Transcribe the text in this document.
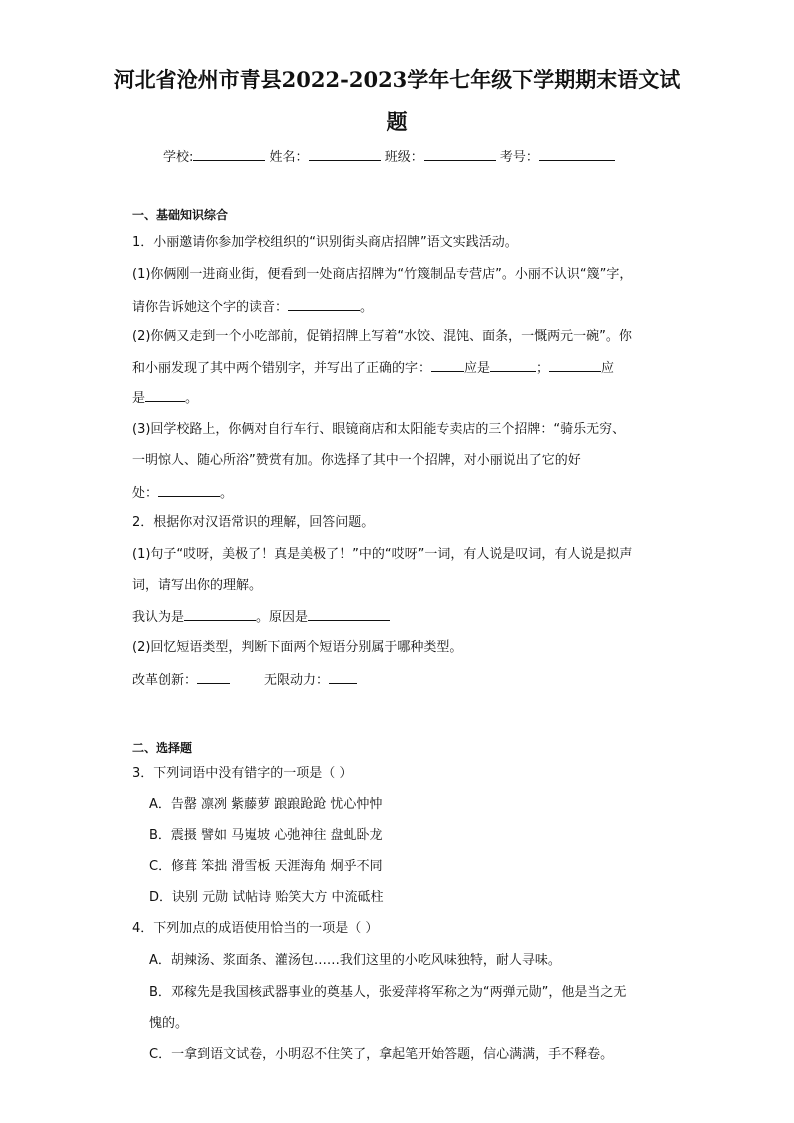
河北省沧州市青县2022-2023学年七年级下学期期末语文试
题
学校:	姓名：	班级：	考号：
一、基础知识综合
1．小丽邀请你参加学校组织的“识别街头商店招牌”语文实践活动。
(1)你俩刚一进商业街，便看到一处商店招牌为“竹篾制品专营店”。小丽不认识“篾”字，
请你告诉她这个字的读音：	。
(2)你俩又走到一个小吃部前，促销招牌上写着“水饺、混饨、面条，一慨两元一碗”。你
和小丽发现了其中两个错别字，并写出了正确的字：	应是	；	应
是	。
(3)回学校路上，你俩对自行车行、眼镜商店和太阳能专卖店的三个招牌：“骑乐无穷、
一明惊人、随心所浴”赞赏有加。你选择了其中一个招牌，对小丽说出了它的好
处：	。
2．根据你对汉语常识的理解，回答问题。
(1)句子“哎呀，美极了！真是美极了！”中的“哎呀”一词，有人说是叹词，有人说是拟声
词，请写出你的理解。
我认为是	。原因是
(2)回忆短语类型，判断下面两个短语分别属于哪种类型。
改革创新：	无限动力：
二、选择题
3．下列词语中没有错字的一项是（ ）
A．告罄 凛冽 紫藤萝 踉踉跄跄 忧心忡忡
B．震摄 譬如 马嵬坡 心弛神往 盘虬卧龙
C．修葺 笨拙 滑雪板 天涯海角 炯乎不同
D．诀别 元勋 试帖诗 贻笑大方 中流砥柱
4．下列加点的成语使用恰当的一项是（ ）
A．胡辣汤、浆面条、灌汤包……我们这里的小吃风味独特，耐人寻味。
B．邓稼先是我国核武器事业的奠基人，张爱萍将军称之为“两弹元勋”，他是当之无
愧的。
C．一拿到语文试卷，小明忍不住笑了，拿起笔开始答题，信心满满，手不释卷。
